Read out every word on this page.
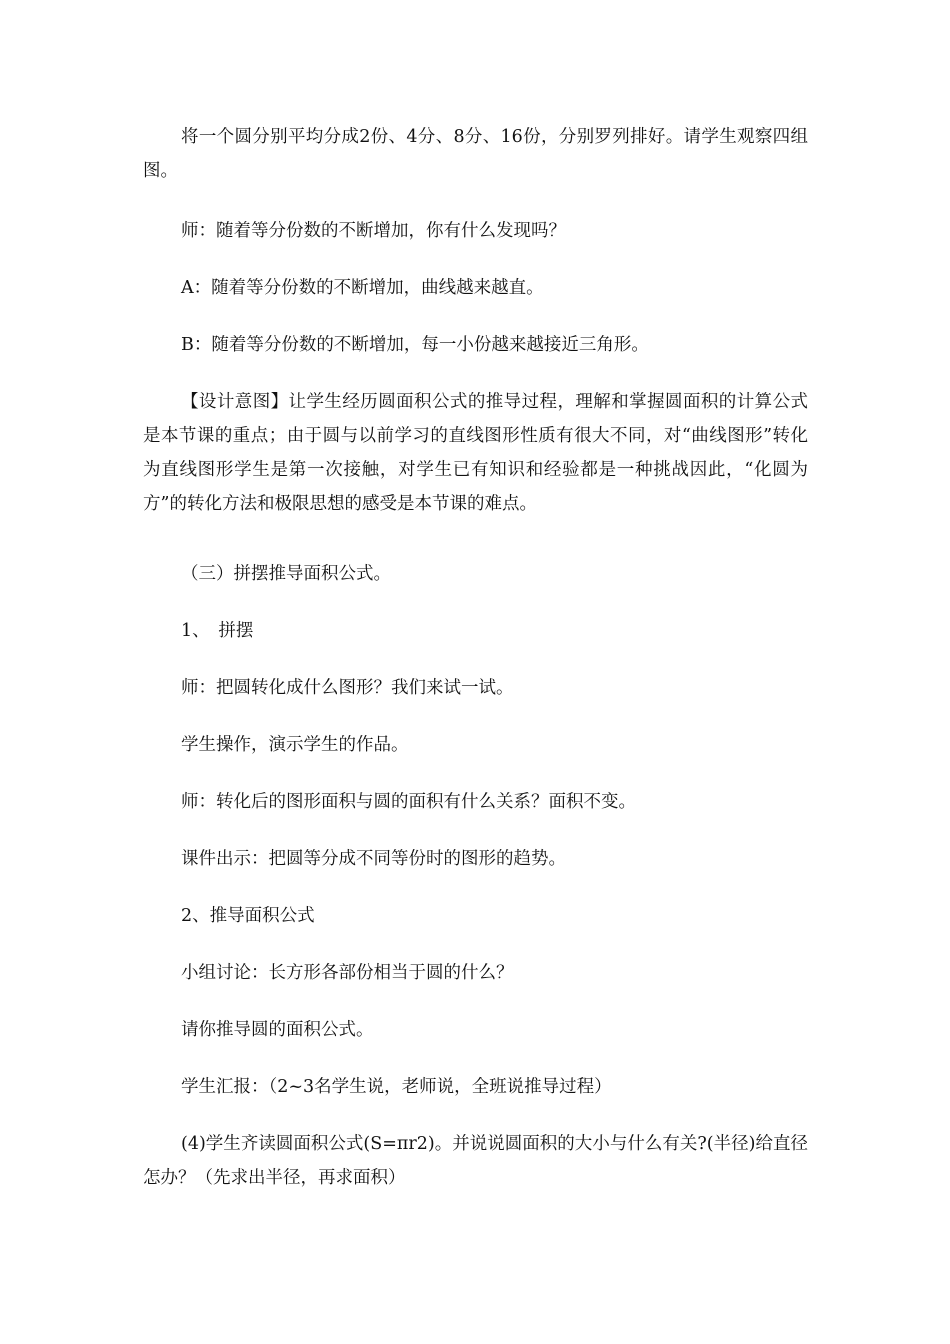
将一个圆分别平均分成2份、4分、8分、16份，分别罗列排好。请学生观察四组图。

师：随着等分份数的不断增加，你有什么发现吗？

A：随着等分份数的不断增加，曲线越来越直。

B：随着等分份数的不断增加，每一小份越来越接近三角形。

【设计意图】让学生经历圆面积公式的推导过程，理解和掌握圆面积的计算公式是本节课的重点；由于圆与以前学习的直线图形性质有很大不同，对“曲线图形”转化为直线图形学生是第一次接触，对学生已有知识和经验都是一种挑战因此，“化圆为方”的转化方法和极限思想的感受是本节课的难点。

（三）拼摆推导面积公式。

1、　拼摆

师：把圆转化成什么图形？我们来试一试。

学生操作，演示学生的作品。

师：转化后的图形面积与圆的面积有什么关系？面积不变。

课件出示：把圆等分成不同等份时的图形的趋势。

2、推导面积公式

小组讨论：长方形各部份相当于圆的什么？

请你推导圆的面积公式。

学生汇报：（2~3名学生说，老师说，全班说推导过程）

(4)学生齐读圆面积公式(S=πr2)。并说说圆面积的大小与什么有关?(半径)给直径怎办？（先求出半径，再求面积）
